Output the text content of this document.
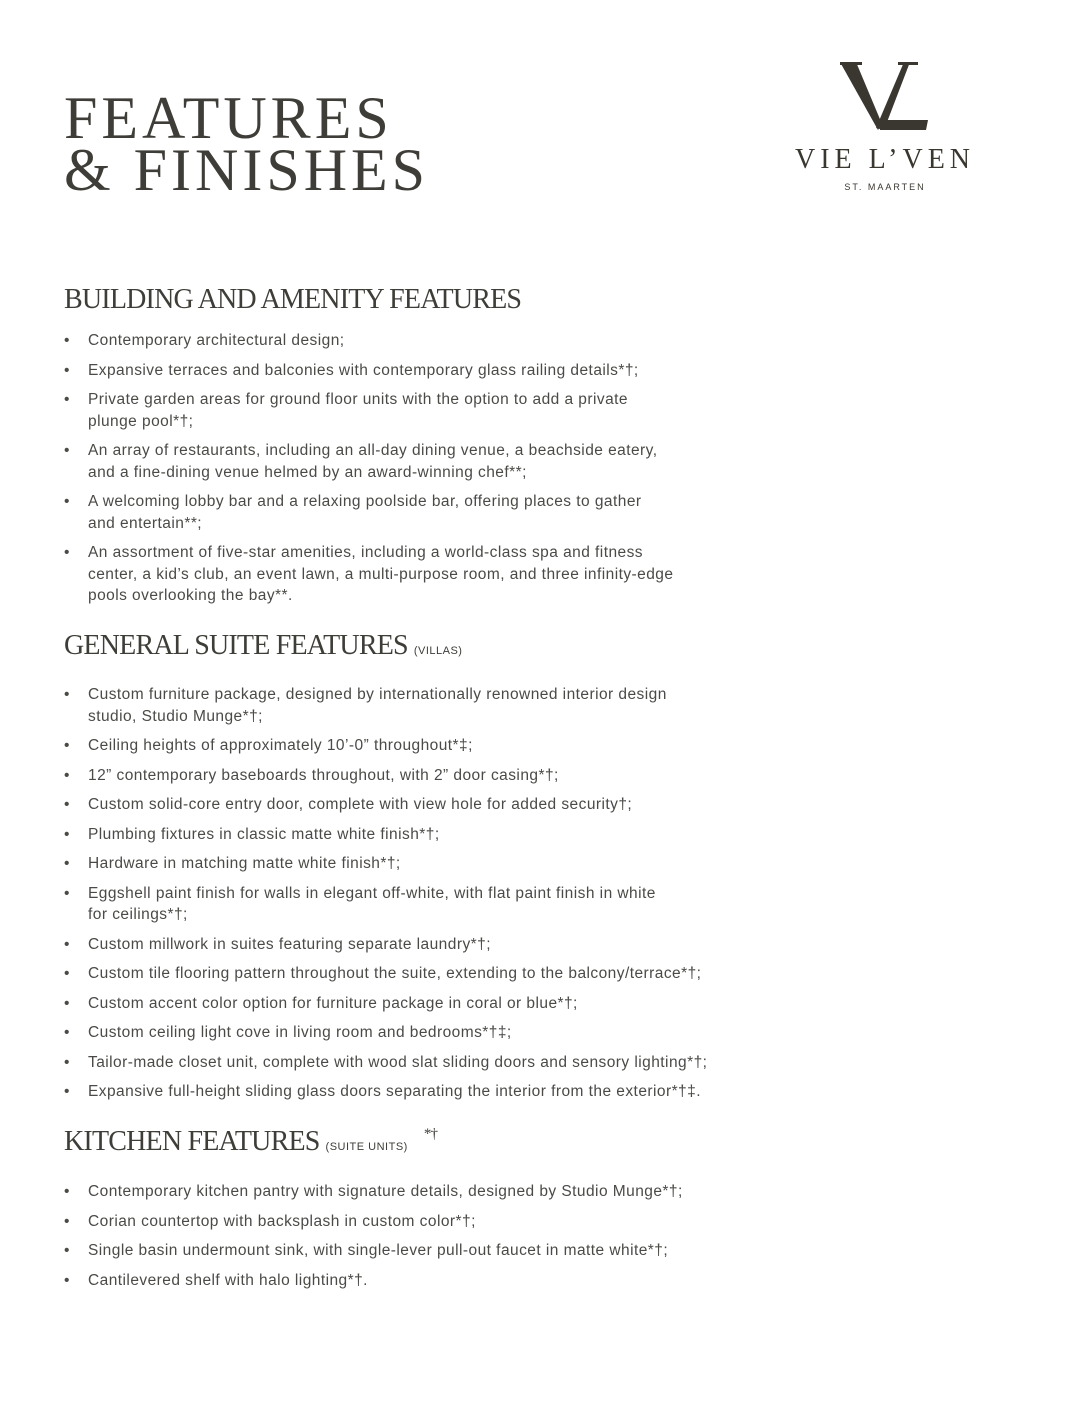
FEATURES
& FINISHES	VIE L’VEN
ST. MAARTEN
BUILDING AND AMENITY FEATURES
• Contemporary architectural design;
• Expansive terraces and balconies with contemporary glass railing details*†;
• Private garden areas for ground floor units with the option to add a private
plunge pool*†;
• An array of restaurants, including an all-day dining venue, a beachside eatery,
and a fine-dining venue helmed by an award-winning chef**;
• A welcoming lobby bar and a relaxing poolside bar, offering places to gather
and entertain**;
• An assortment of five-star amenities, including a world-class spa and fitness
center, a kid’s club, an event lawn, a multi-purpose room, and three infinity-edge
pools overlooking the bay**.
GENERAL SUITE FEATURES (VILLAS)
• Custom furniture package, designed by internationally renowned interior design
studio, Studio Munge*†;
• Ceiling heights of approximately 10’-0” throughout*‡;
• 12” contemporary baseboards throughout, with 2” door casing*†;
• Custom solid-core entry door, complete with view hole for added security†;
• Plumbing fixtures in classic matte white finish*†;
• Hardware in matching matte white finish*†;
• Eggshell paint finish for walls in elegant off-white, with flat paint finish in white
for ceilings*†;
• Custom millwork in suites featuring separate laundry*†;
• Custom tile flooring pattern throughout the suite, extending to the balcony/terrace*†;
• Custom accent color option for furniture package in coral or blue*†;
• Custom ceiling light cove in living room and bedrooms*†‡;
• Tailor-made closet unit, complete with wood slat sliding doors and sensory lighting*†;
• Expansive full-height sliding glass doors separating the interior from the exterior*†‡.
KITCHEN FEATURES (SUITE UNITS)*†
• Contemporary kitchen pantry with signature details, designed by Studio Munge*†;
• Corian countertop with backsplash in custom color*†;
• Single basin undermount sink, with single-lever pull-out faucet in matte white*†;
• Cantilevered shelf with halo lighting*†.
